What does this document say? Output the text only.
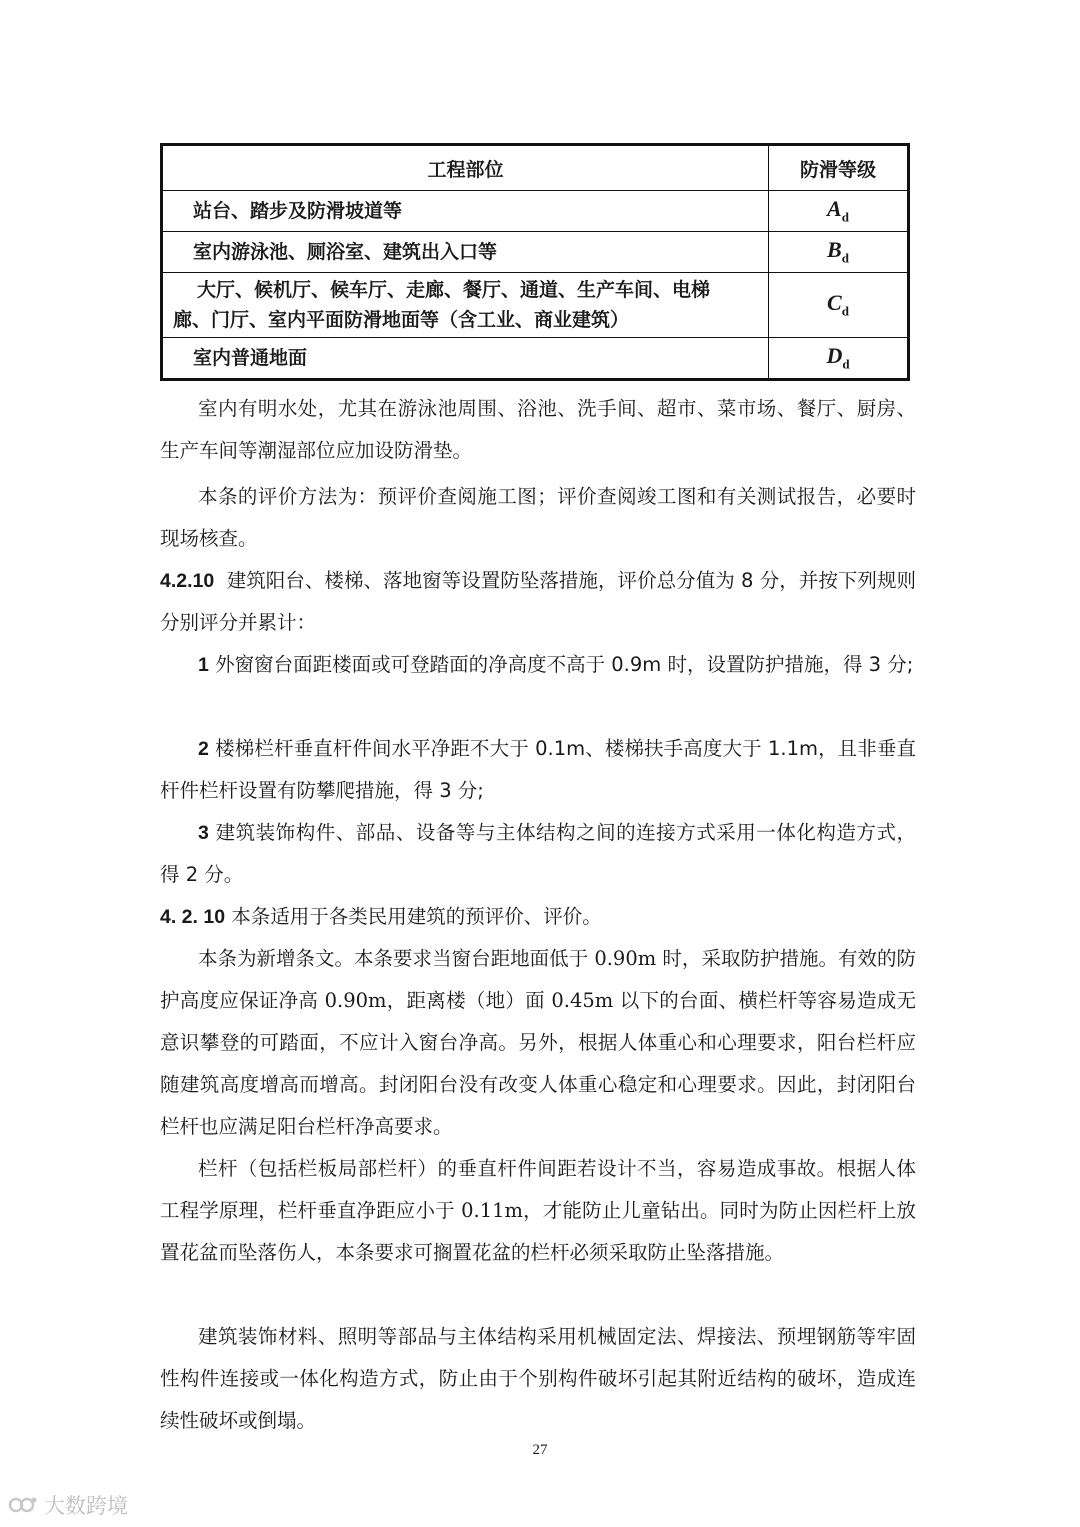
工程部位	防滑等级
站台、踏步及防滑坡道等	$A_d$
室内游泳池、厕浴室、建筑出入口等	$B_d$
大厅、候机厅、候车厅、走廊、餐厅、通道、生产车间、电梯
廊、门厅、室内平面防滑地面等（含工业、商业建筑）	$C_d$
室内普通地面	$D_d$

室内有明水处，尤其在游泳池周围、浴池、洗手间、超市、菜市场、餐厅、厨房、生产车间等潮湿部位应加设防滑垫。

本条的评价方法为：预评价查阅施工图；评价查阅竣工图和有关测试报告，必要时现场核查。

4.2.10 建筑阳台、楼梯、落地窗等设置防坠落措施，评价总分值为 8 分，并按下列规则分别评分并累计：

1 外窗窗台面距楼面或可登踏面的净高度不高于 0.9m 时，设置防护措施，得 3 分;

2 楼梯栏杆垂直杆件间水平净距不大于 0.1m、楼梯扶手高度大于 1.1m，且非垂直杆件栏杆设置有防攀爬措施，得 3 分;

3 建筑装饰构件、部品、设备等与主体结构之间的连接方式采用一体化构造方式，得 2 分。

4. 2. 10 本条适用于各类民用建筑的预评价、评价。

本条为新增条文。本条要求当窗台距地面低于 0.90m 时，采取防护措施。有效的防护高度应保证净高 0.90m，距离楼（地）面 0.45m 以下的台面、横栏杆等容易造成无意识攀登的可踏面，不应计入窗台净高。另外，根据人体重心和心理要求，阳台栏杆应随建筑高度增高而增高。封闭阳台没有改变人体重心稳定和心理要求。因此，封闭阳台栏杆也应满足阳台栏杆净高要求。

栏杆（包括栏板局部栏杆）的垂直杆件间距若设计不当，容易造成事故。根据人体工程学原理，栏杆垂直净距应小于 0.11m，才能防止儿童钻出。同时为防止因栏杆上放置花盆而坠落伤人，本条要求可搁置花盆的栏杆必须采取防止坠落措施。

建筑装饰材料、照明等部品与主体结构采用机械固定法、焊接法、预埋钢筋等牢固性构件连接或一体化构造方式，防止由于个别构件破坏引起其附近结构的破坏，造成连续性破坏或倒塌。

27
大数跨境
